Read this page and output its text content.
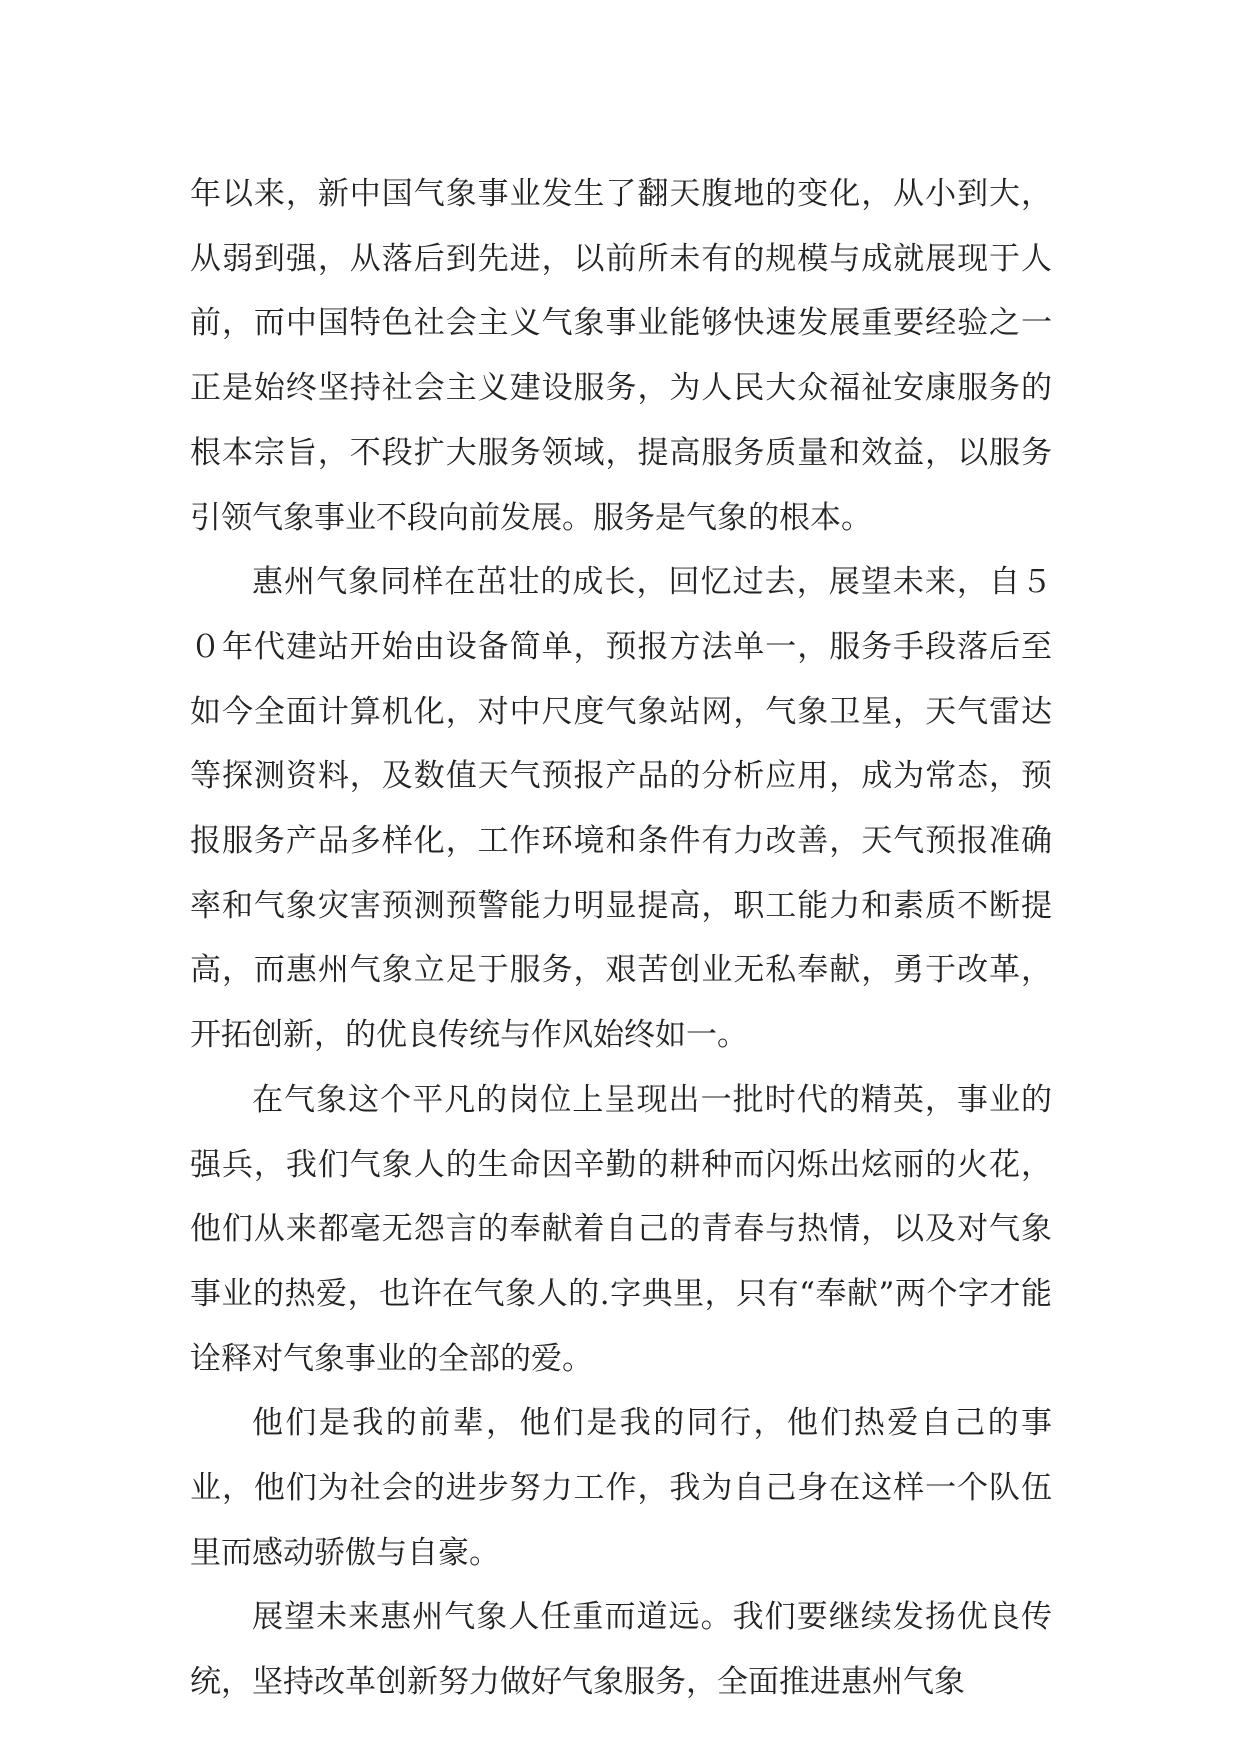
年以来，新中国气象事业发生了翻天腹地的变化，从小到大，从弱到强，从落后到先进，以前所未有的规模与成就展现于人前，而中国特色社会主义气象事业能够快速发展重要经验之一正是始终坚持社会主义建设服务，为人民大众福祉安康服务的根本宗旨，不段扩大服务领域，提高服务质量和效益，以服务引领气象事业不段向前发展。服务是气象的根本。

惠州气象同样在茁壮的成长，回忆过去，展望未来，自５０年代建站开始由设备简单，预报方法单一，服务手段落后至如今全面计算机化，对中尺度气象站网，气象卫星，天气雷达等探测资料，及数值天气预报产品的分析应用，成为常态，预报服务产品多样化，工作环境和条件有力改善，天气预报准确率和气象灾害预测预警能力明显提高，职工能力和素质不断提高，而惠州气象立足于服务，艰苦创业无私奉献，勇于改革，开拓创新，的优良传统与作风始终如一。

在气象这个平凡的岗位上呈现出一批时代的精英，事业的强兵，我们气象人的生命因辛勤的耕种而闪烁出炫丽的火花，他们从来都毫无怨言的奉献着自己的青春与热情，以及对气象事业的热爱，也许在气象人的.字典里，只有“奉献”两个字才能诠释对气象事业的全部的爱。

他们是我的前辈，他们是我的同行，他们热爱自己的事业，他们为社会的进步努力工作，我为自己身在这样一个队伍里而感动骄傲与自豪。

展望未来惠州气象人任重而道远。我们要继续发扬优良传统，坚持改革创新努力做好气象服务，全面推进惠州气象
